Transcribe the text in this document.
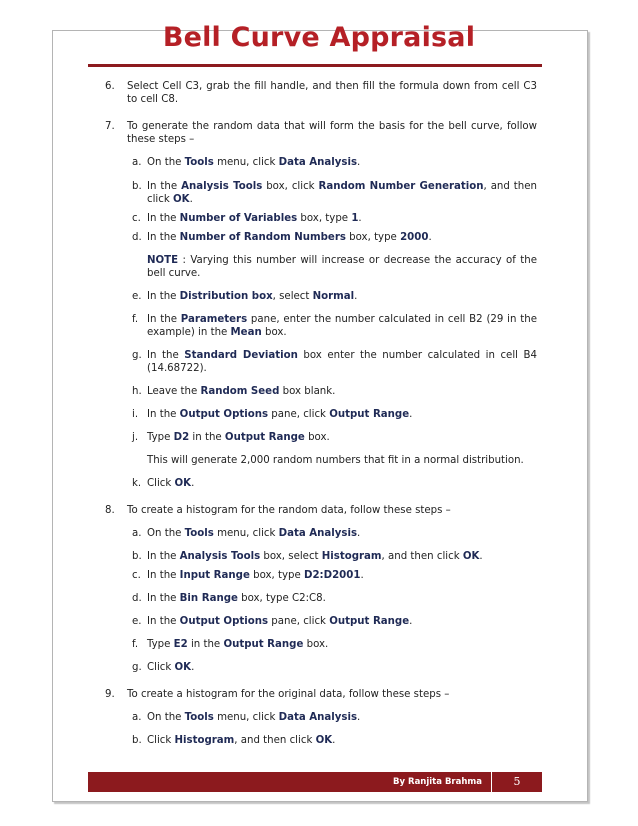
Bell Curve Appraisal
6. Select Cell C3, grab the fill handle, and then fill the formula down from cell C3 to cell C8.
7. To generate the random data that will form the basis for the bell curve, follow these steps –
a. On the Tools menu, click Data Analysis.
b. In the Analysis Tools box, click Random Number Generation, and then click OK.
c. In the Number of Variables box, type 1.
d. In the Number of Random Numbers box, type 2000.
NOTE : Varying this number will increase or decrease the accuracy of the bell curve.
e. In the Distribution box, select Normal.
f. In the Parameters pane, enter the number calculated in cell B2 (29 in the example) in the Mean box.
g. In the Standard Deviation box enter the number calculated in cell B4 (14.68722).
h. Leave the Random Seed box blank.
i. In the Output Options pane, click Output Range.
j. Type D2 in the Output Range box.
This will generate 2,000 random numbers that fit in a normal distribution.
k. Click OK.
8. To create a histogram for the random data, follow these steps –
a. On the Tools menu, click Data Analysis.
b. In the Analysis Tools box, select Histogram, and then click OK.
c. In the Input Range box, type D2:D2001.
d. In the Bin Range box, type C2:C8.
e. In the Output Options pane, click Output Range.
f. Type E2 in the Output Range box.
g. Click OK.
9. To create a histogram for the original data, follow these steps –
a. On the Tools menu, click Data Analysis.
b. Click Histogram, and then click OK.
By Ranjita Brahma	5
